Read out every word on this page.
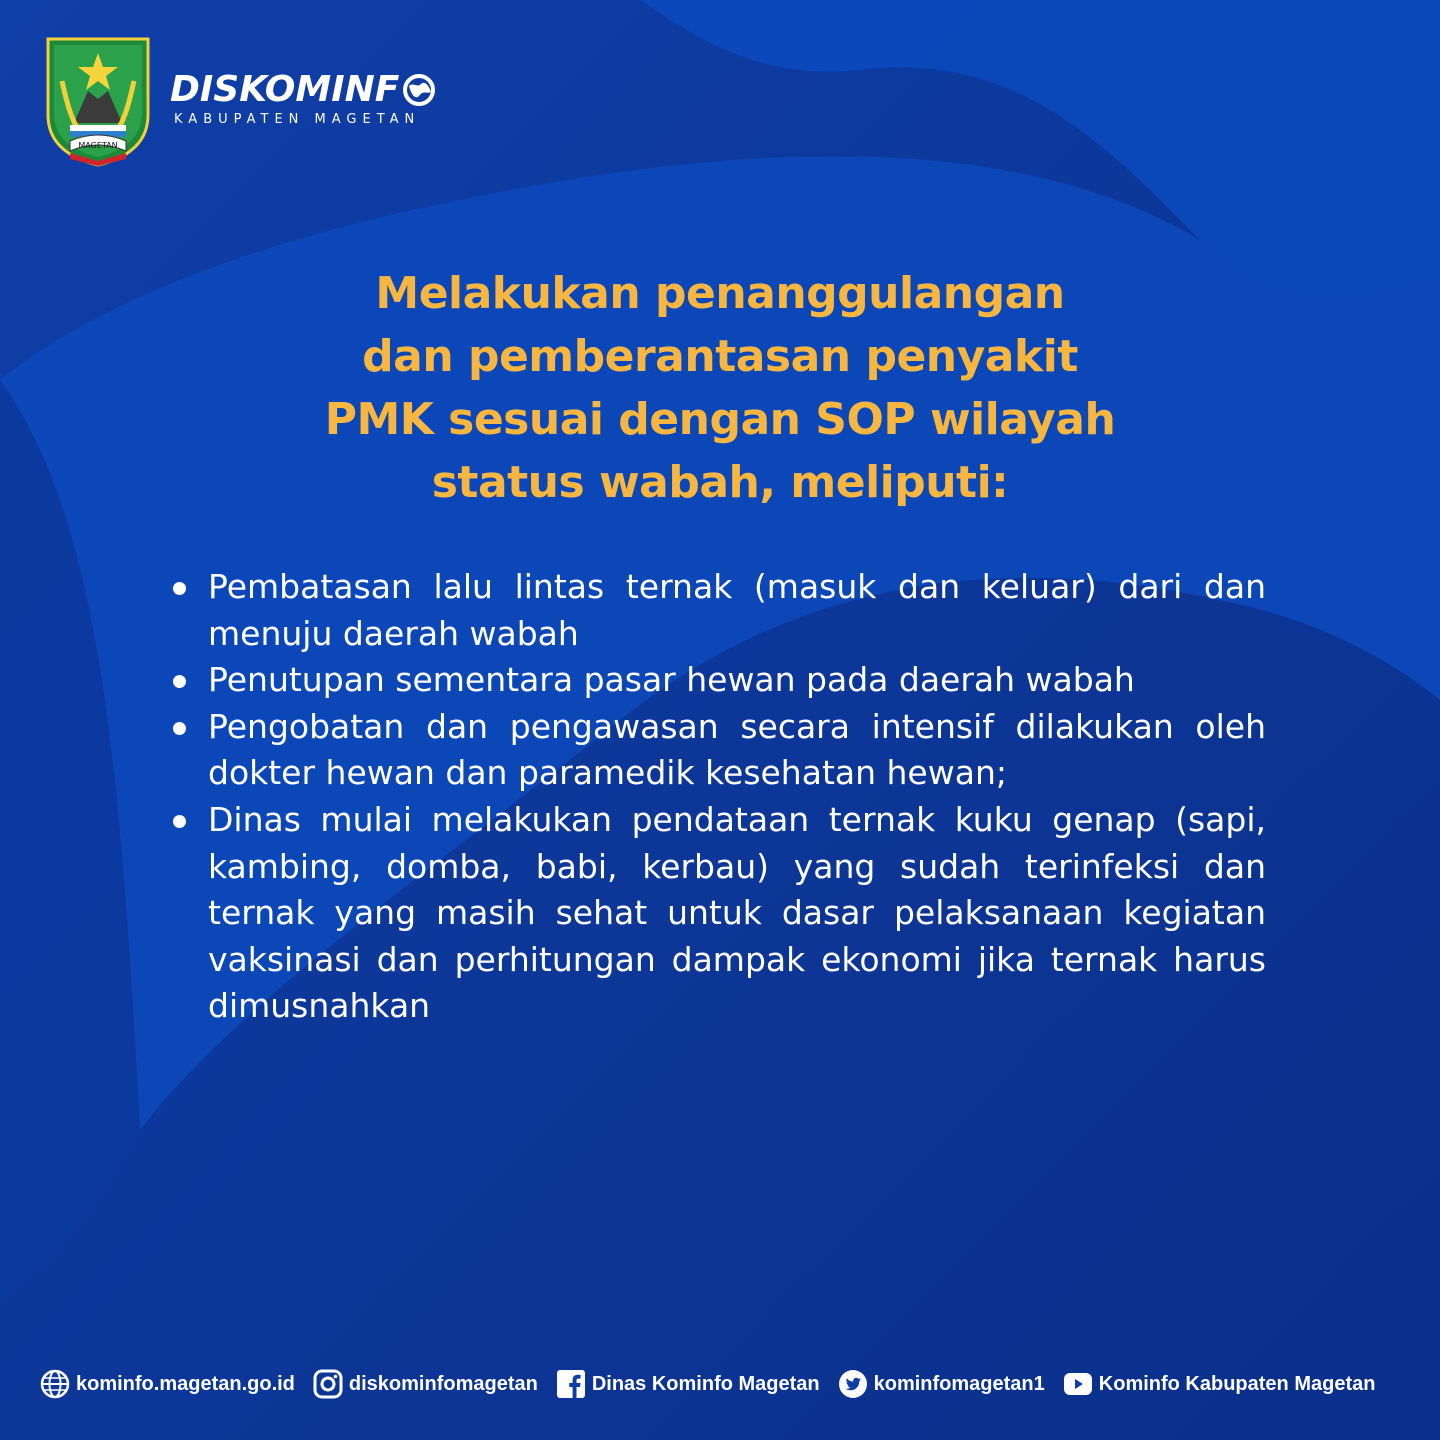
MAGETAN
DISKOM I NF
KABUPATEN MAGETAN
Melakukan penanggulangan
dan pemberantasan penyakit
PMK sesuai dengan SOP wilayah
status wabah, meliputi:
Pembatasan lalu lintas ternak (masuk dan keluar) dari dan menuju daerah wabah
Penutupan sementara pasar hewan pada daerah wabah
Pengobatan dan pengawasan secara intensif dilakukan oleh dokter hewan dan paramedik kesehatan hewan;
Dinas mulai melakukan pendataan ternak kuku genap (sapi, kambing, domba, babi, kerbau) yang sudah terinfeksi dan ternak yang masih sehat untuk dasar pelaksanaan kegiatan vaksinasi dan perhitungan dampak ekonomi jika ternak harus dimusnahkan
kominfo.magetan.go.id	diskominfomagetan	Dinas Kominfo Magetan	kominfomagetan1	Kominfo Kabupaten Magetan
